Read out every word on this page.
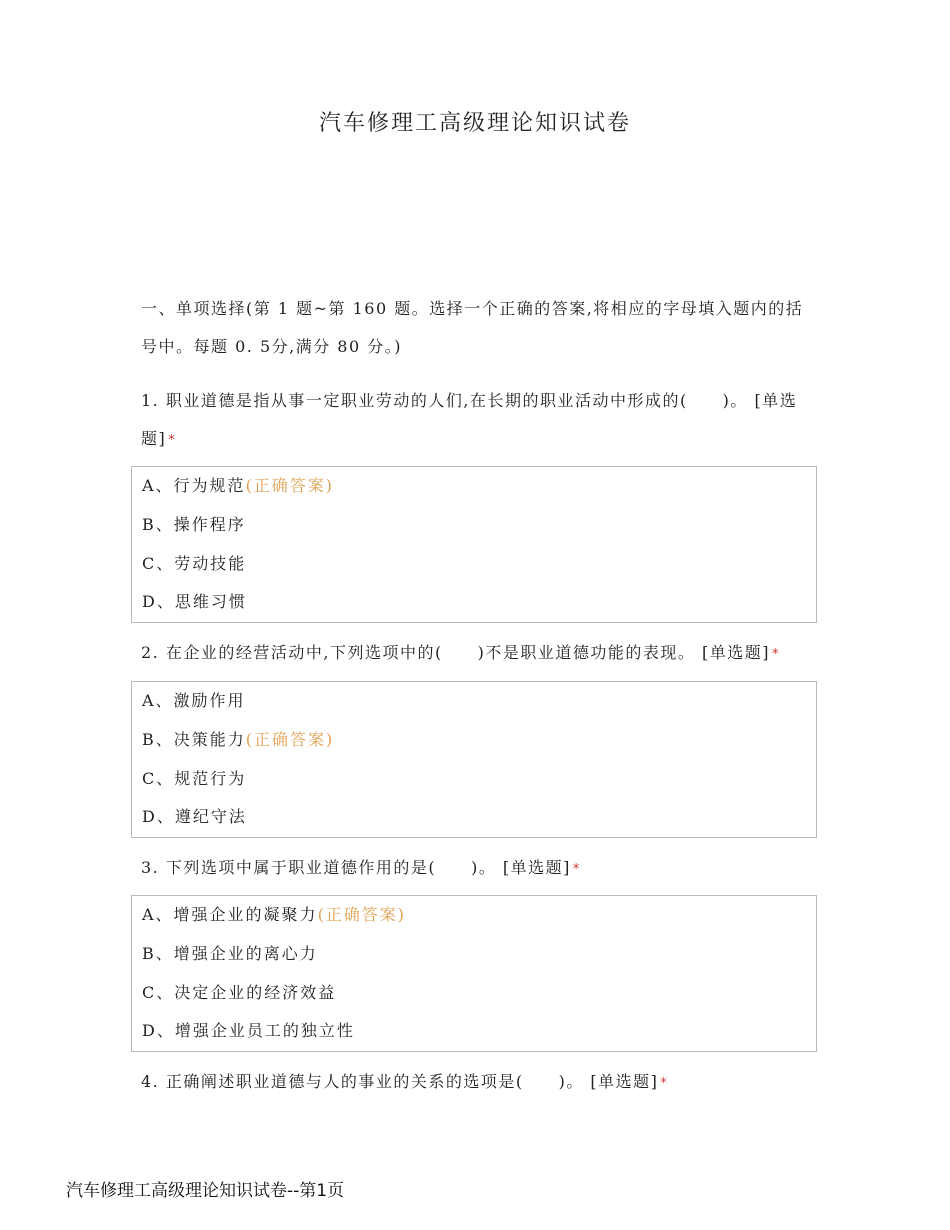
汽车修理工高级理论知识试卷
一、单项选择(第 1 题~第 160 题。选择一个正确的答案,将相应的字母填入题内的括号中。每题 0. 5分,满分 80 分。)
1. 职业道德是指从事一定职业劳动的人们,在长期的职业活动中形成的(　　)。 [单选题] *
A、行为规范(正确答案)
B、操作程序
C、劳动技能
D、思维习惯
2. 在企业的经营活动中,下列选项中的(　　)不是职业道德功能的表现。 [单选题] *
A、激励作用
B、决策能力(正确答案)
C、规范行为
D、遵纪守法
3. 下列选项中属于职业道德作用的是(　　)。 [单选题] *
A、增强企业的凝聚力(正确答案)
B、增强企业的离心力
C、决定企业的经济效益
D、增强企业员工的独立性
4. 正确阐述职业道德与人的事业的关系的选项是(　　)。 [单选题] *
汽车修理工高级理论知识试卷--第1页
